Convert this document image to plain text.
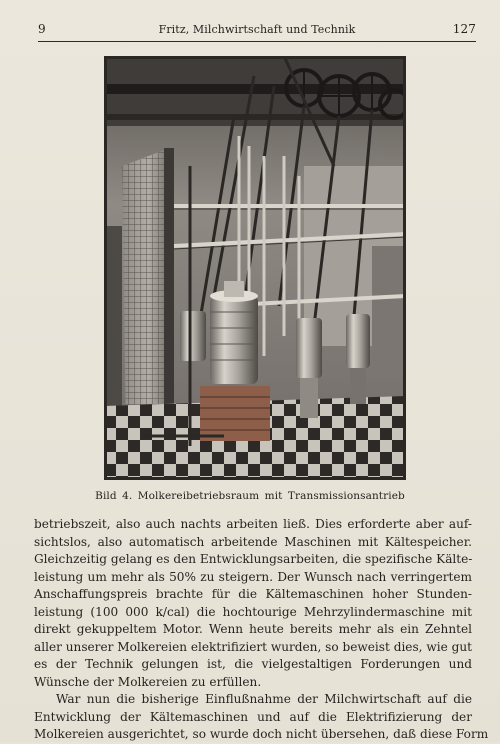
9	Fritz, Milchwirtschaft und Technik	127
Bild 4. Molkereibetriebsraum mit Transmissionsantrieb

betriebszeit, also auch nachts arbeiten ließ. Dies erforderte aber auf-
sichtslos, also automatisch arbeitende Maschinen mit Kältespeicher.
Gleichzeitig gelang es den Entwicklungsarbeiten, die spezifische Kälte-
leistung um mehr als 50% zu steigern. Der Wunsch nach verringertem
Anschaffungspreis brachte für die Kältemaschinen hoher Stunden-
leistung (100 000 k/cal) die hochtourige Mehrzylindermaschine mit
direkt gekuppeltem Motor. Wenn heute bereits mehr als ein Zehntel
aller unserer Molkereien elektrifiziert wurden, so beweist dies, wie gut
es der Technik gelungen ist, die vielgestaltigen Forderungen und
Wünsche der Molkereien zu erfüllen.

War nun die bisherige Einflußnahme der Milchwirtschaft auf die
Entwicklung der Kältemaschinen und auf die Elektrifizierung der
Molkereien ausgerichtet, so wurde doch nicht übersehen, daß diese Form
